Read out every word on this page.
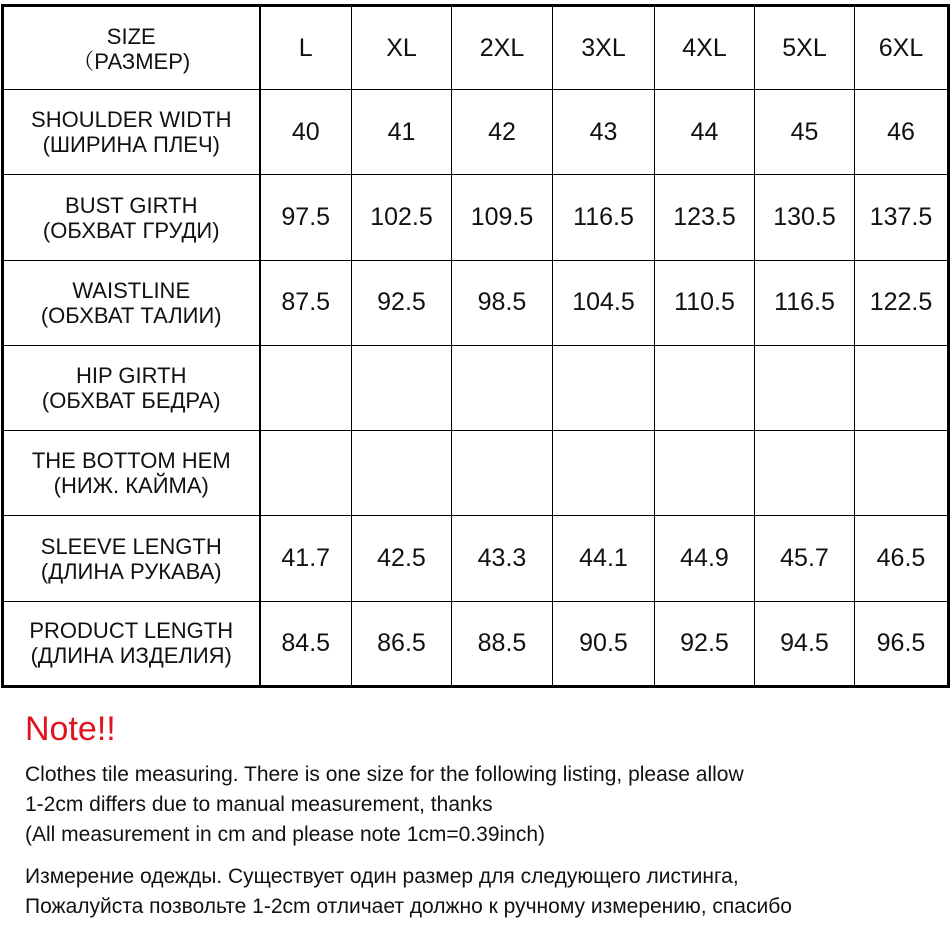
SIZE
（РАЗМЕР)	L	XL	2XL	3XL	4XL	5XL	6XL

SHOULDER WIDTH
(ШИРИНА ПЛЕЧ)	40	41	42	43	44	45	46

BUST GIRTH
(ОБХВАТ ГРУДИ)	97.5	102.5	109.5	116.5	123.5	130.5	137.5

WAISTLINE
(ОБХВАТ ТАЛИИ)	87.5	92.5	98.5	104.5	110.5	116.5	122.5

HIP GIRTH
(ОБХВАТ БЕДРА)							

THE BOTTOM HEM
(НИЖ. КАЙМА)							

SLEEVE LENGTH
(ДЛИНА РУКАВА)	41.7	42.5	43.3	44.1	44.9	45.7	46.5

PRODUCT LENGTH
(ДЛИНА ИЗДЕЛИЯ)	84.5	86.5	88.5	90.5	92.5	94.5	96.5
Note!!
Clothes tile measuring. There is one size for the following listing, please allow
1-2cm differs due to manual measurement, thanks
(All measurement in cm and please note 1cm=0.39inch)
Измерение одежды. Существует один размер для следующего листинга,
Пожалуйста позвольте 1-2cm отличает должно к ручному измерению, спасибо
